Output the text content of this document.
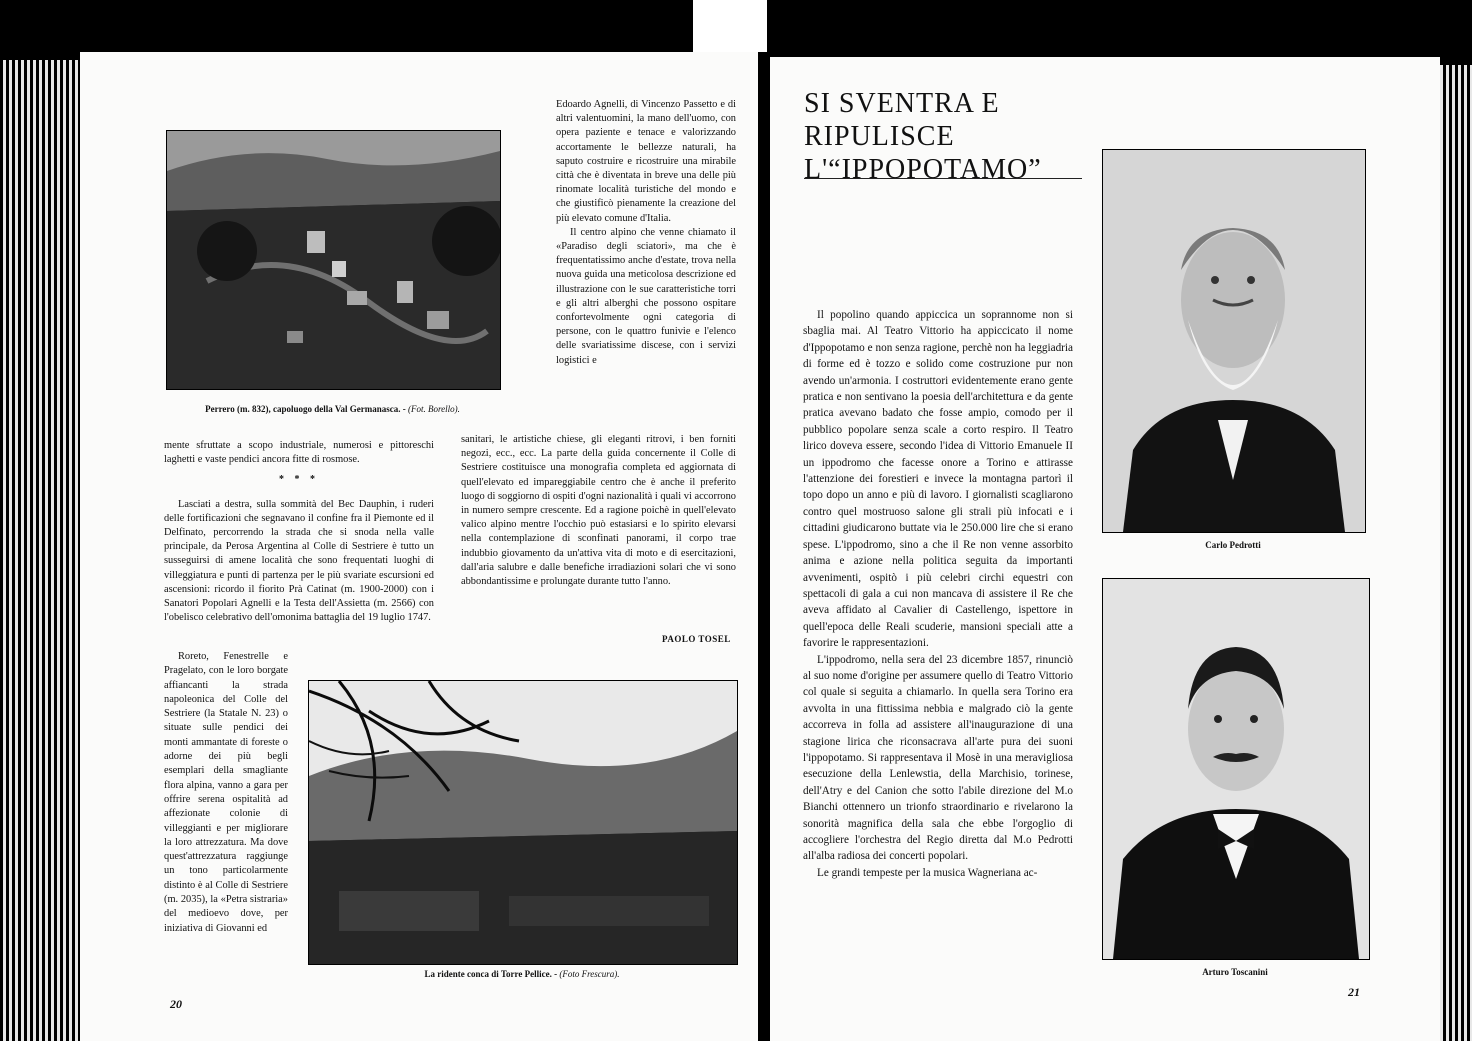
Perrero (m. 832), capoluogo della Val Germanasca. - (Fot. Borello).

mente sfruttate a scopo industriale, numerosi e pittoreschi laghetti e vaste pendici ancora fitte di rosmose.

* * *

Lasciati a destra, sulla sommità del Bec Dauphin, i ruderi delle fortificazioni che segnavano il confine fra il Piemonte ed il Delfinato, percorrendo la strada che si snoda nella valle principale, da Perosa Argentina al Colle di Sestriere è tutto un susseguirsi di amene località che sono frequentati luoghi di villeggiatura e punti di partenza per le più svariate escursioni ed ascensioni: ricordo il fiorito Prà Catinat (m. 1900-2000) con i Sanatori Popolari Agnelli e la Testa dell'Assietta (m. 2566) con l'obelisco celebrativo dell'omonima battaglia del 19 luglio 1747.

Roreto, Fenestrelle e Pragelato, con le loro borgate affiancanti la strada napoleonica del Colle del Sestriere (la Statale N. 23) o situate sulle pendici dei monti ammantate di foreste o adorne dei più begli esemplari della smagliante flora alpina, vanno a gara per offrire serena ospitalità ad affezionate colonie di villeggianti e per migliorare la loro attrezzatura. Ma dove quest'attrezzatura raggiunge un tono particolarmente distinto è al Colle di Sestriere (m. 2035), la «Petra sistraria» del medioevo dove, per iniziativa di Giovanni ed

Edoardo Agnelli, di Vincenzo Passetto e di altri valentuomini, la mano dell'uomo, con opera paziente e tenace e valorizzando accortamente le bellezze naturali, ha saputo costruire e ricostruire una mirabile città che è diventata in breve una delle più rinomate località turistiche del mondo e che giustificò pienamente la creazione del più elevato comune d'Italia.

Il centro alpino che venne chiamato il «Paradiso degli sciatori», ma che è frequentatissimo anche d'estate, trova nella nuova guida una meticolosa descrizione ed illustrazione con le sue caratteristiche torri e gli altri alberghi che possono ospitare confortevolmente ogni categoria di persone, con le quattro funivie e l'elenco delle svariatissime discese, con i servizi logistici e

sanitari, le artistiche chiese, gli eleganti ritrovi, i ben forniti negozi, ecc., ecc. La parte della guida concernente il Colle di Sestriere costituisce una monografia completa ed aggiornata di quell'elevato ed impareggiabile centro che è anche il preferito luogo di soggiorno di ospiti d'ogni nazionalità i quali vi accorrono in numero sempre crescente. Ed a ragione poichè in quell'elevato valico alpino mentre l'occhio può estasiarsi e lo spirito elevarsi nella contemplazione di sconfinati panorami, il corpo trae indubbio giovamento da un'attiva vita di moto e di esercitazioni, dall'aria salubre e dalle benefiche irradiazioni solari che vi sono abbondantissime e prolungate durante tutto l'anno.

PAOLO TOSEL
La ridente conca di Torre Pellice. - (Foto Frescura).
20
SI SVENTRA E RIPULISCE
L'“IPPOPOTAMO”

Il popolino quando appiccica un soprannome non si sbaglia mai. Al Teatro Vittorio ha appiccicato il nome d'Ippopotamo e non senza ragione, perchè non ha leggiadria di forme ed è tozzo e solido come costruzione pur non avendo un'armonia. I costruttori evidentemente erano gente pratica e non sentivano la poesia dell'architettura e da gente pratica avevano badato che fosse ampio, comodo per il pubblico popolare senza scale a corto respiro. Il Teatro lirico doveva essere, secondo l'idea di Vittorio Emanuele II un ippodromo che facesse onore a Torino e attirasse l'attenzione dei forestieri e invece la montagna partorì il topo dopo un anno e più di lavoro. I giornalisti scagliarono contro quel mostruoso salone gli strali più infocati e i cittadini giudicarono buttate via le 250.000 lire che si erano spese. L'ippodromo, sino a che il Re non venne assorbito anima e azione nella politica seguita da importanti avvenimenti, ospitò i più celebri circhi equestri con spettacoli di gala a cui non mancava di assistere il Re che aveva affidato al Cavalier di Castellengo, ispettore in quell'epoca delle Reali scuderie, mansioni speciali atte a favorire le rappresentazioni.

L'ippodromo, nella sera del 23 dicembre 1857, rinunciò al suo nome d'origine per assumere quello di Teatro Vittorio col quale si seguita a chiamarlo. In quella sera Torino era avvolta in una fittissima nebbia e malgrado ciò la gente accorreva in folla ad assistere all'inaugurazione di una stagione lirica che riconsacrava all'arte pura dei suoni l'ippopotamo. Si rappresentava il Mosè in una meravigliosa esecuzione della Lenlewstia, della Marchisio, torinese, dell'Atry e del Canion che sotto l'abile direzione del M.o Bianchi ottennero un trionfo straordinario e rivelarono la sonorità magnifica della sala che ebbe l'orgoglio di accogliere l'orchestra del Regio diretta dal M.o Pedrotti all'alba radiosa dei concerti popolari.

Le grandi tempeste per la musica Wagneriana ac-

Carlo Pedrotti
Arturo Toscanini
21
